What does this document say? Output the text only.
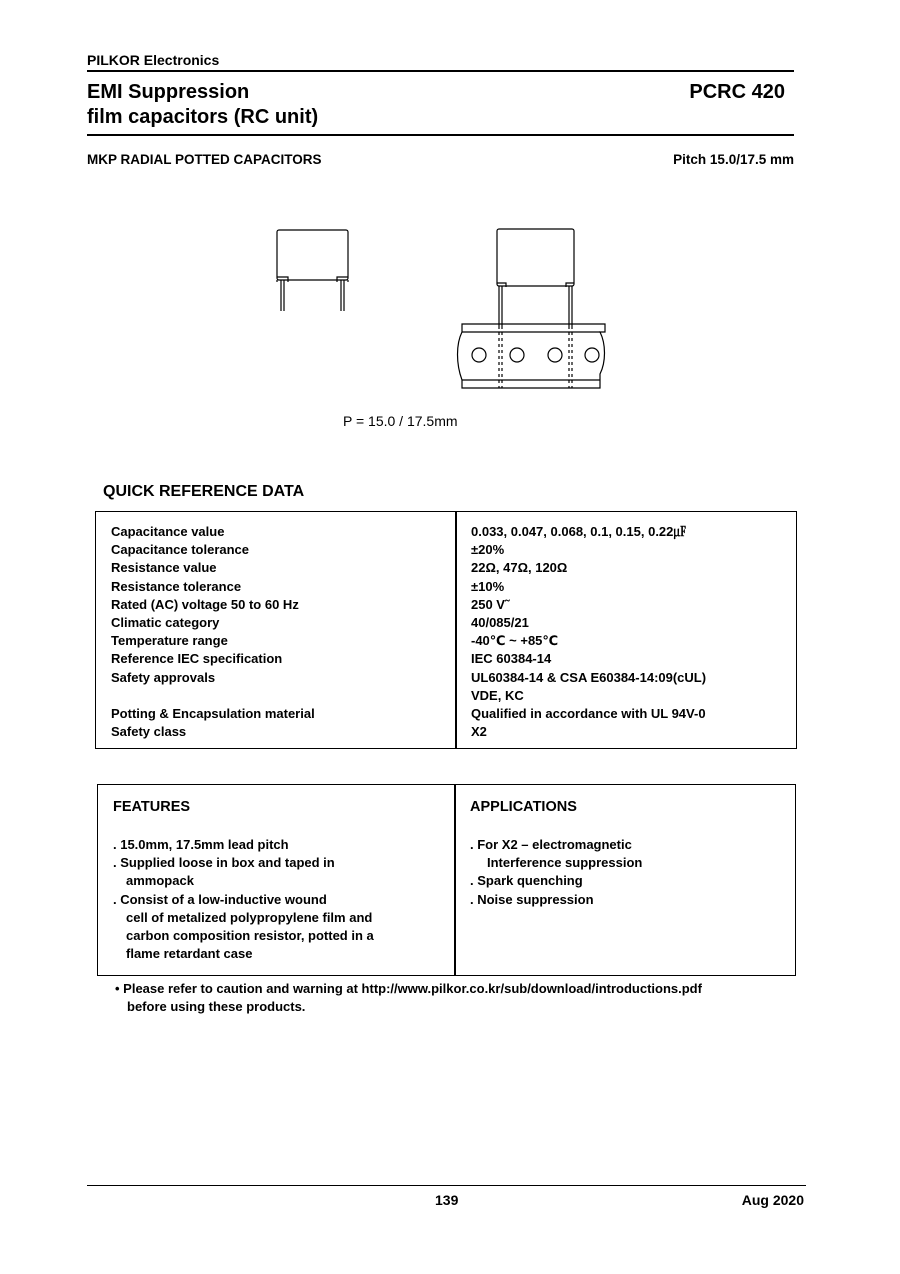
PILKOR Electronics
EMI Suppression
film capacitors (RC unit)
PCRC 420
MKP RADIAL POTTED CAPACITORS	Pitch 15.0/17.5 mm
P = 15.0 / 17.5mm
QUICK REFERENCE DATA
Capacitance value
Capacitance tolerance
Resistance value
Resistance tolerance
Rated (AC) voltage 50 to 60 Hz
Climatic category
Temperature range
Reference IEC specification
Safety approvals
Potting & Encapsulation material
Safety class
0.033, 0.047, 0.068, 0.1, 0.15, 0.22㎌
±20%
22Ω, 47Ω, 120Ω
±10%
250 V˜
40/085/21
-40℃ ~ +85℃
IEC 60384-14
UL60384-14 & CSA E60384-14:09(cUL)
VDE, KC
Qualified in accordance with UL 94V-0
X2
FEATURES
. 15.0mm, 17.5mm lead pitch
. Supplied loose in box and taped in
ammopack
. Consist of a low-inductive wound
cell of metalized polypropylene film and
carbon composition resistor, potted in a
flame retardant case
APPLICATIONS
. For X2 – electromagnetic
Interference suppression
. Spark quenching
. Noise suppression
• Please refer to caution and warning at http://www.pilkor.co.kr/sub/download/introductions.pdf
before using these products.
139	Aug 2020
